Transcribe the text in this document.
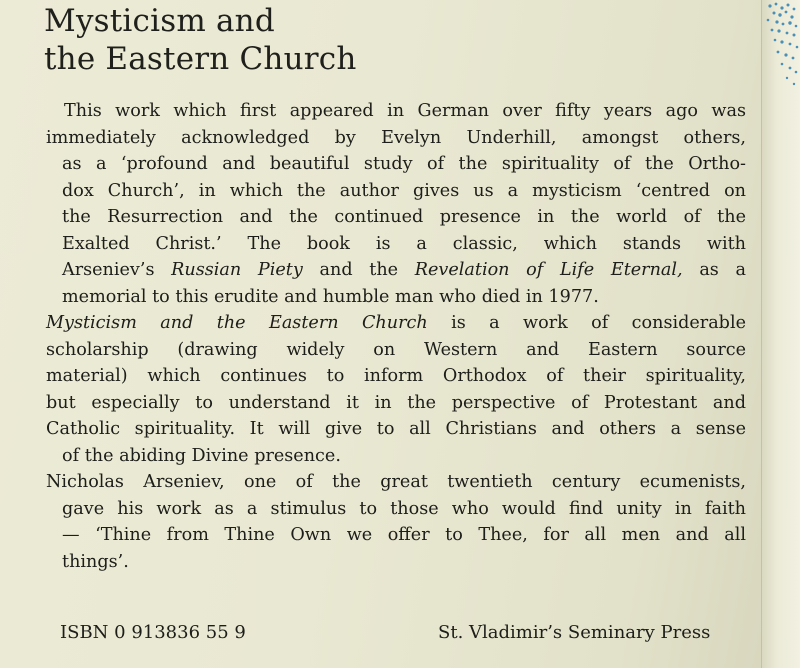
Mysticism and
the Eastern Church
This work which first appeared in German over fifty years ago was
immediately acknowledged by Evelyn Underhill, amongst others,
as a ‘profound and beautiful study of the spirituality of the Ortho-
dox Church’, in which the author gives us a mysticism ‘centred on
the Resurrection and the continued presence in the world of the
Exalted Christ.’ The book is a classic, which stands with
Arseniev’s Russian Piety and the Revelation of Life Eternal, as a
memorial to this erudite and humble man who died in 1977.
Mysticism and the Eastern Church is a work of considerable
scholarship (drawing widely on Western and Eastern source
material) which continues to inform Orthodox of their spirituality,
but especially to understand it in the perspective of Protestant and
Catholic spirituality. It will give to all Christians and others a sense
of the abiding Divine presence.
Nicholas Arseniev, one of the great twentieth century ecumenists,
gave his work as a stimulus to those who would find unity in faith
— ‘Thine from Thine Own we offer to Thee, for all men and all
things’.
ISBN 0 913836 55 9	St. Vladimir’s Seminary Press
